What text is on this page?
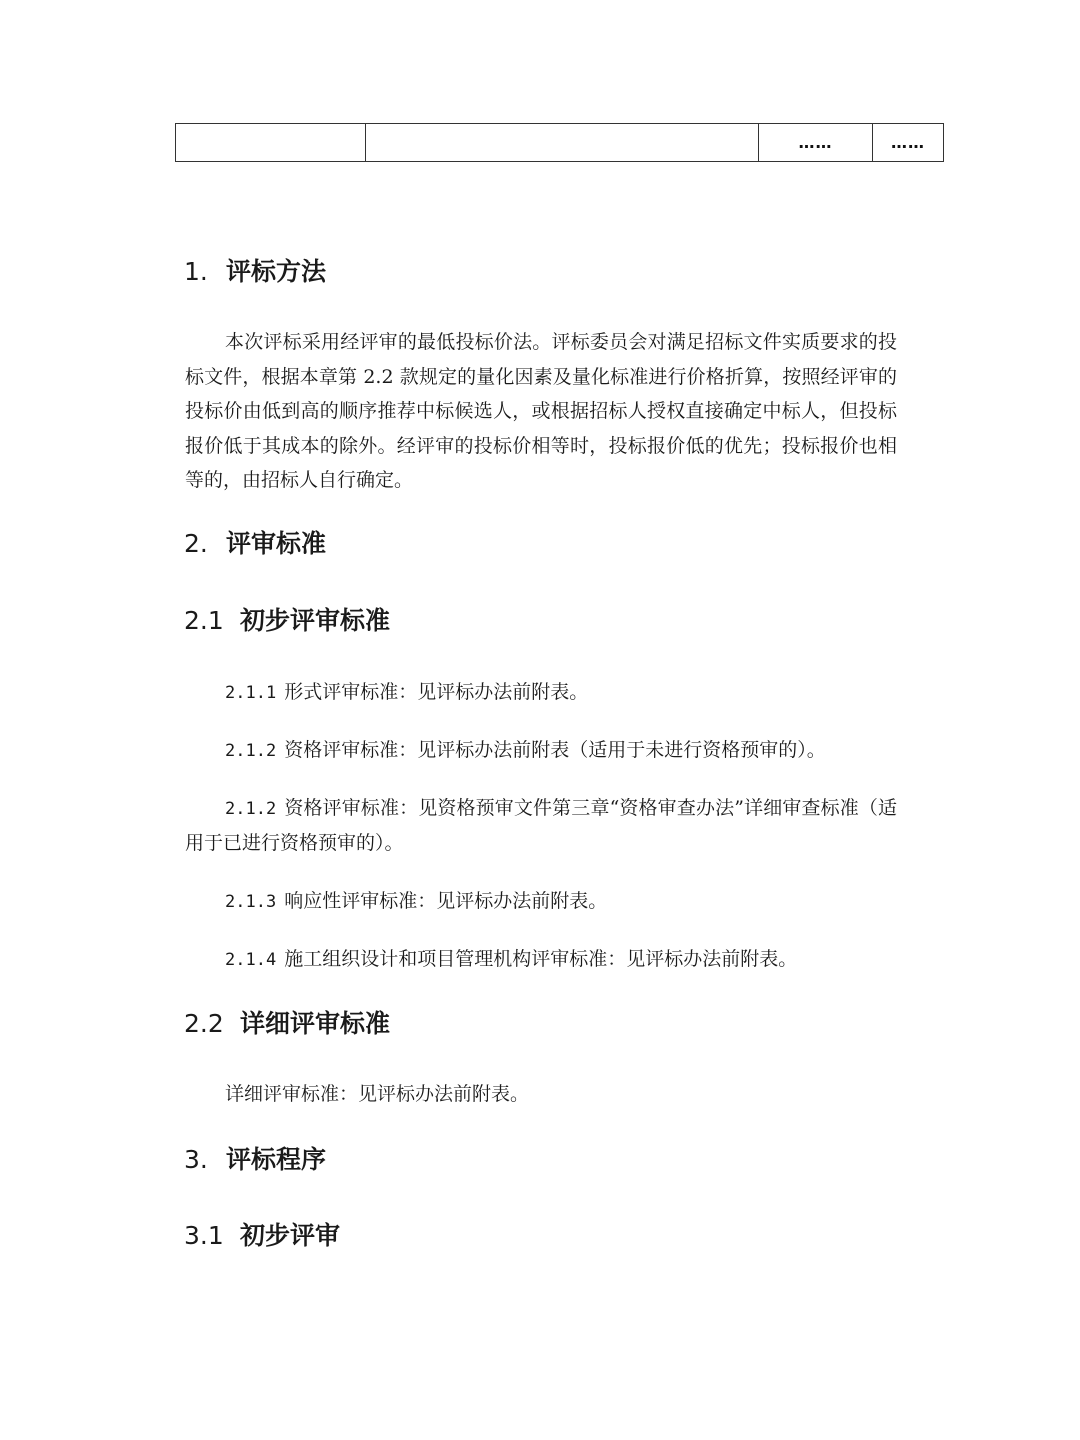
		……	……
1. 评标方法

本次评标采用经评审的最低投标价法。评标委员会对满足招标文件实质要求的投标文件，根据本章第 2.2 款规定的量化因素及量化标准进行价格折算，按照经评审的投标价由低到高的顺序推荐中标候选人，或根据招标人授权直接确定中标人，但投标报价低于其成本的除外。经评审的投标价相等时，投标报价低的优先；投标报价也相等的，由招标人自行确定。

2. 评审标准
2.1 初步评审标准

2.1.1 形式评审标准：见评标办法前附表。

2.1.2 资格评审标准：见评标办法前附表（适用于未进行资格预审的）。

2.1.2 资格评审标准：见资格预审文件第三章“资格审查办法”详细审查标准（适用于已进行资格预审的）。

2.1.3 响应性评审标准：见评标办法前附表。

2.1.4 施工组织设计和项目管理机构评审标准：见评标办法前附表。

2.2 详细评审标准

详细评审标准：见评标办法前附表。

3. 评标程序
3.1 初步评审
